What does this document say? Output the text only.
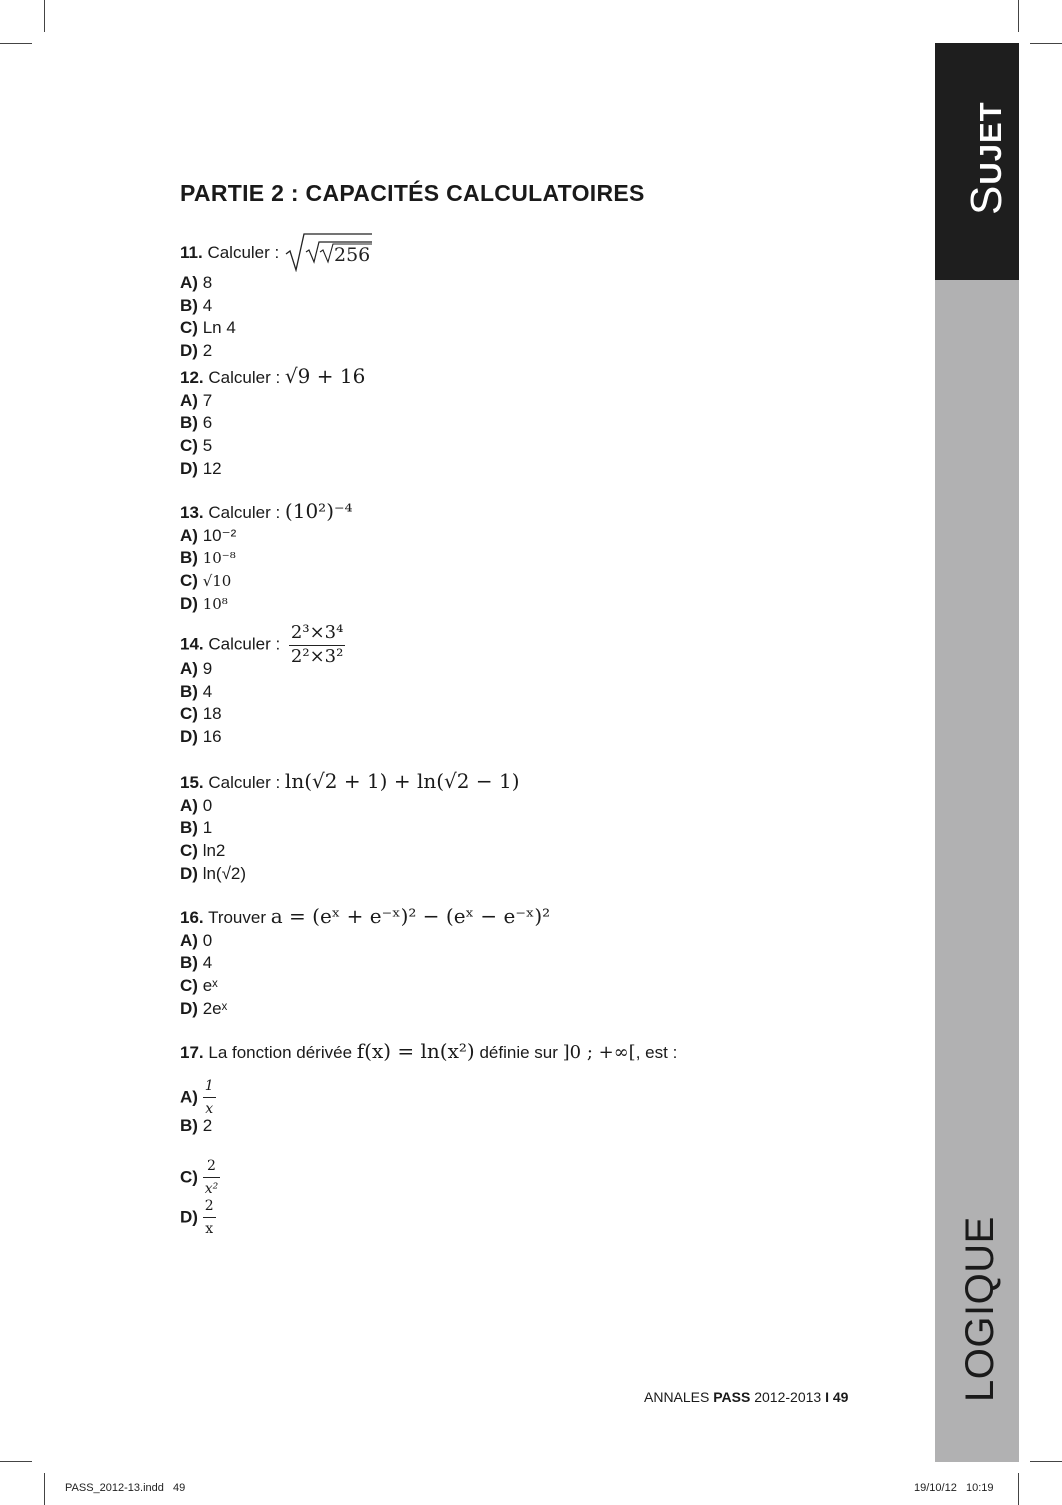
SUJET
LOGIQUE
PARTIE 2 : CAPACITÉS CALCULATOIRES
11. Calculer :	256
A) 8
B) 4
C) Ln 4
D) 2
12. Calculer : √9 + 16
A) 7
B) 6
C) 5
D) 12
13. Calculer : (10²)⁻⁴
A) 10⁻²
B) 10⁻⁸
C) √10
D) 10⁸
14. Calculer : $\frac{\text{2³×3⁴}}{\text{2²×3²}}$
A) 9
B) 4
C) 18
D) 16
15. Calculer : ln(√2 + 1) + ln(√2 − 1)
A) 0
B) 1
C) ln2
D) ln(√2)
16. Trouver a = (eˣ + e⁻ˣ)² − (eˣ − e⁻ˣ)²
A) 0
B) 4
C) eˣ
D) 2eˣ
17. La fonction dérivée f(x) = ln(x²) définie sur ]0 ; +∞[, est :
$A) \frac{1}{x}$
B) 2
$C) \frac{2}{\text{x²}}$
$D) \frac{2}{x}$
ANNALES PASS 2012-2013 I 49
PASS_2012-13.indd   49	19/10/12   10:19
